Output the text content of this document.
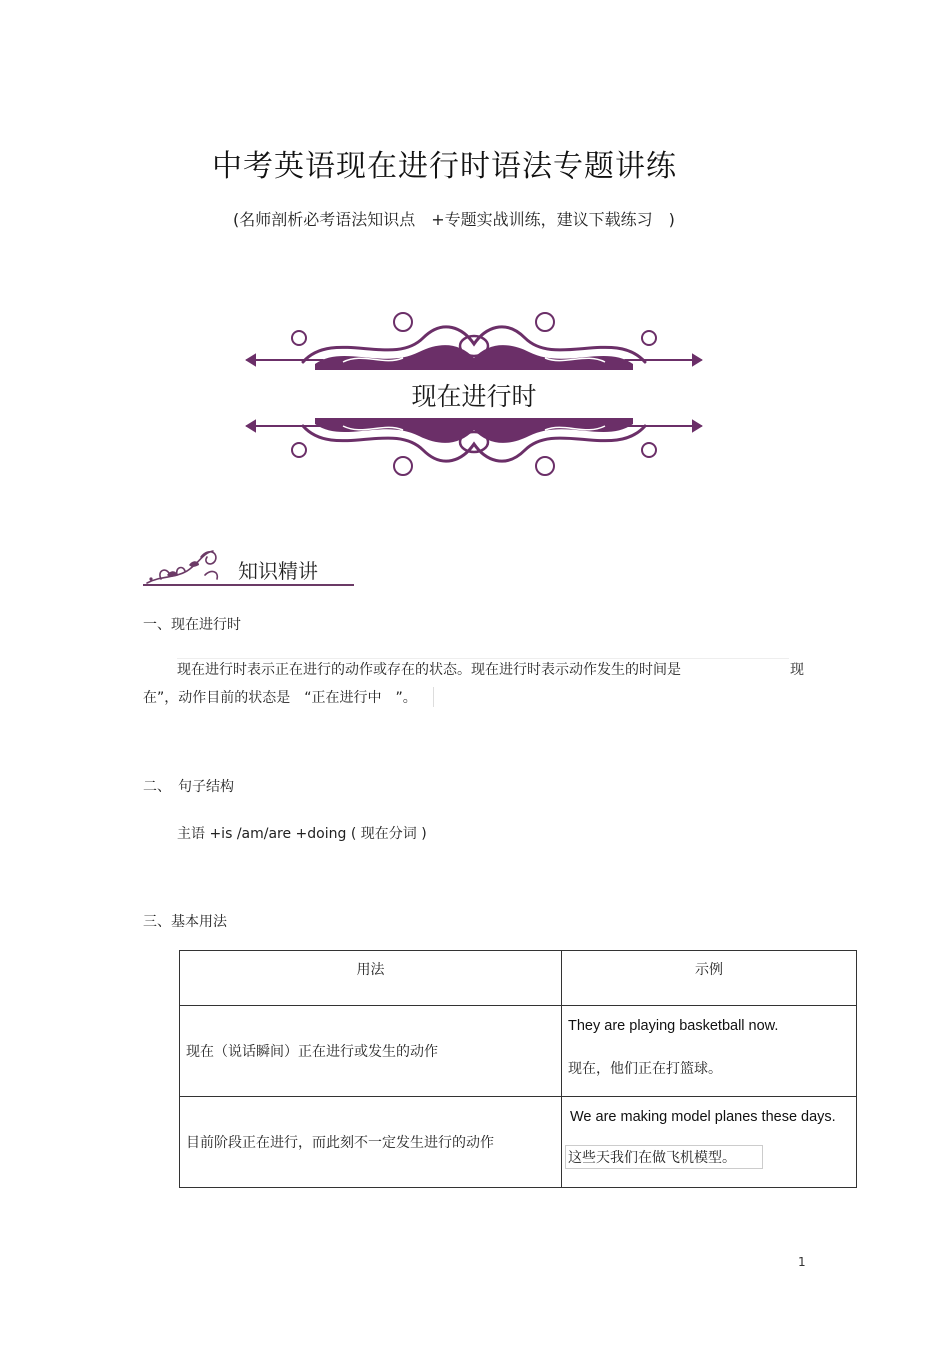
中考英语现在进行时语法专题讲练
(名师剖析必考语法知识点　+专题实战训练，建议下载练习　)
现在进行时
知识精讲
一、现在进行时
现在进行时表示正在进行的动作或存在的状态。现在进行时表示动作发生的时间是	现
在”，动作目前的状态是　“正在进行中　”。
二、　句子结构
主语 +is /am/are +doing ( 现在分词 )
三、基本用法
用法	示例
现在（说话瞬间）正在进行或发生的动作	They are playing basketball now.
现在，他们正在打篮球。

目前阶段正在进行，而此刻不一定发生进行的动作	We are making model planes these days.
这些天我们在做飞机模型。
1
